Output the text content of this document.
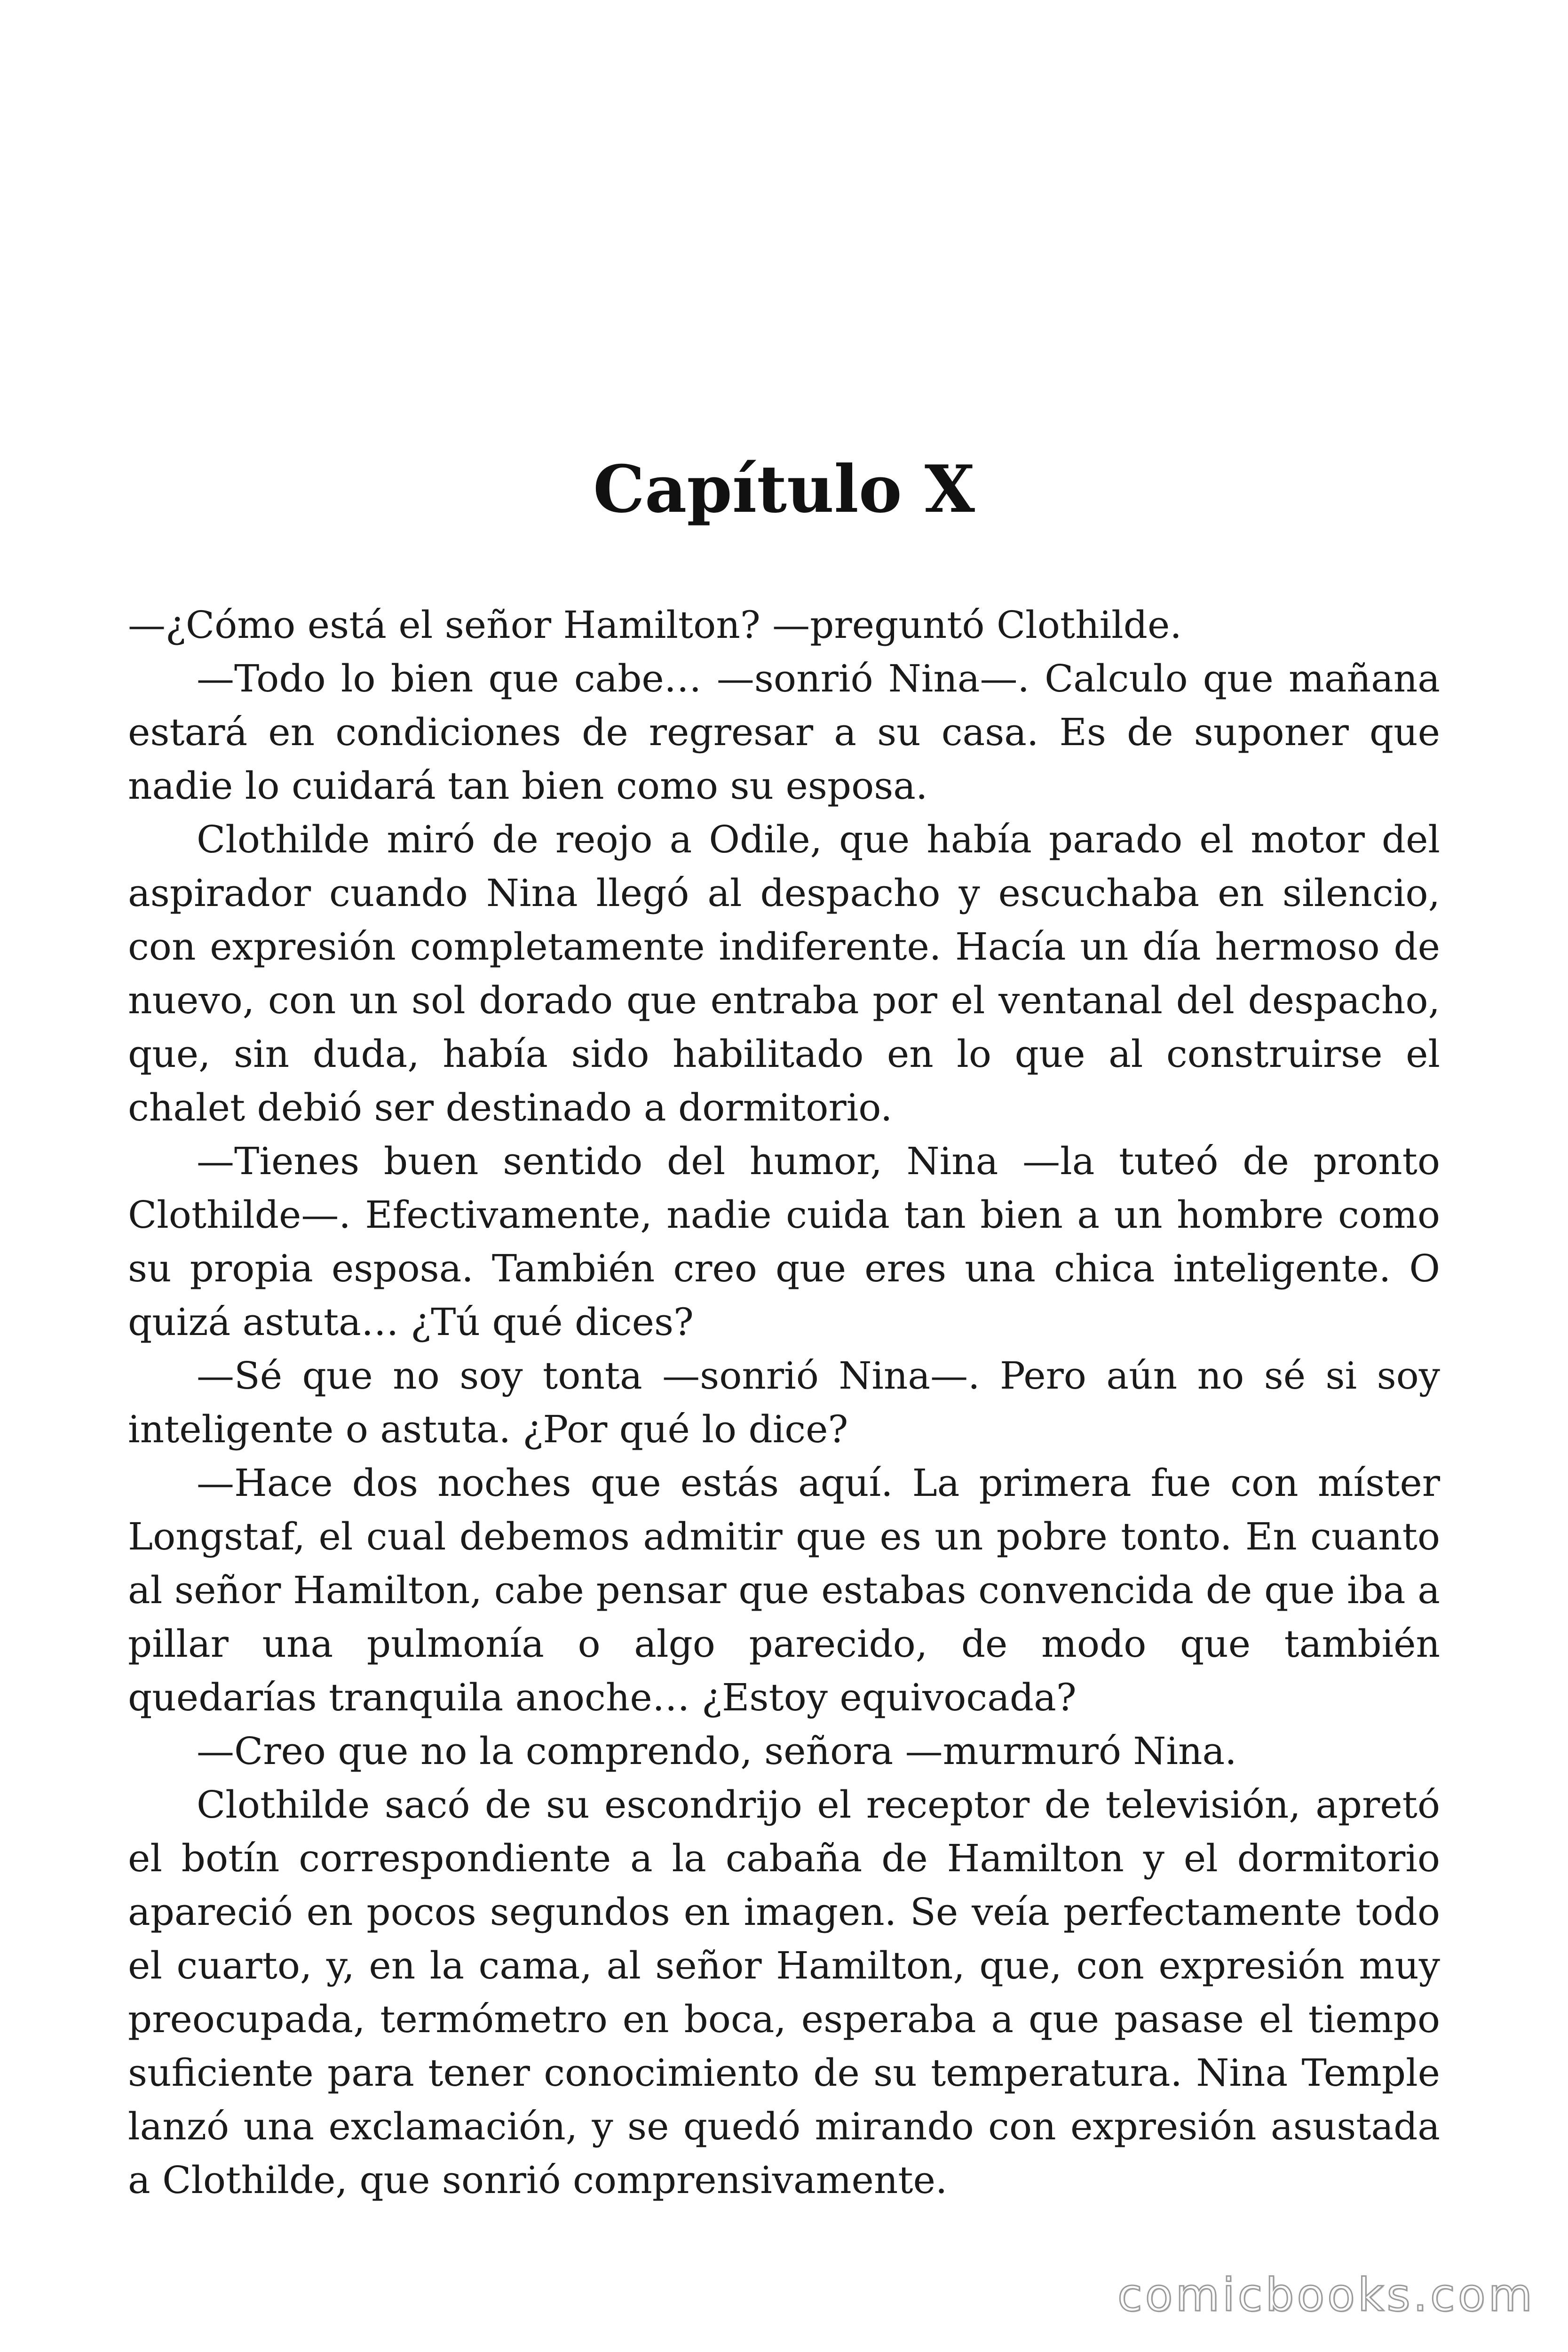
Capítulo X

—¿Cómo está el señor Hamilton? —preguntó Clothilde.

—Todo lo bien que cabe… —sonrió Nina—. Calculo que mañana estará en condiciones de regresar a su casa. Es de suponer que nadie lo cuidará tan bien como su esposa.

Clothilde miró de reojo a Odile, que había parado el motor del aspirador cuando Nina llegó al despacho y escuchaba en silencio, con expresión completamente indiferente. Hacía un día hermoso de nuevo, con un sol dorado que entraba por el ventanal del despacho, que, sin duda, había sido habilitado en lo que al construirse el chalet debió ser destinado a dormitorio.

—Tienes buen sentido del humor, Nina —la tuteó de pronto Clothilde—. Efectivamente, nadie cuida tan bien a un hombre como su propia esposa. También creo que eres una chica inteligente. O quizá astuta… ¿Tú qué dices?

—Sé que no soy tonta —sonrió Nina—. Pero aún no sé si soy inteligente o astuta. ¿Por qué lo dice?

—Hace dos noches que estás aquí. La primera fue con míster Longstaf, el cual debemos admitir que es un pobre tonto. En cuanto al señor Hamilton, cabe pensar que estabas convencida de que iba a pillar una pulmonía o algo parecido, de modo que también quedarías tranquila anoche… ¿Estoy equivocada?

—Creo que no la comprendo, señora —murmuró Nina.

Clothilde sacó de su escondrijo el receptor de televisión, apretó el botín correspondiente a la cabaña de Hamilton y el dormitorio apareció en pocos segundos en imagen. Se veía perfectamente todo el cuarto, y, en la cama, al señor Hamilton, que, con expresión muy preocupada, termómetro en boca, esperaba a que pasase el tiempo suficiente para tener conocimiento de su temperatura. Nina Temple lanzó una exclamación, y se quedó mirando con expresión asustada a Clothilde, que sonrió comprensivamente.

comicbooks.com
